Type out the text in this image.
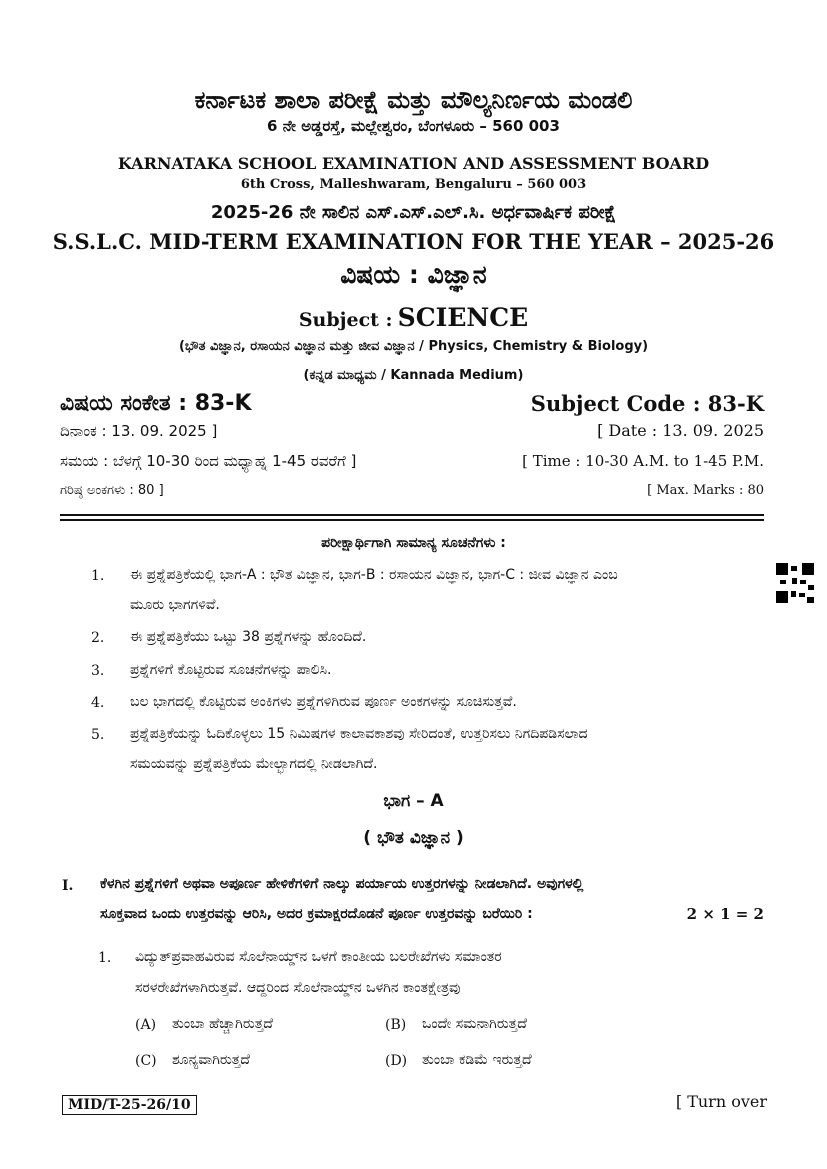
ಕರ್ನಾಟಕ ಶಾಲಾ ಪರೀಕ್ಷೆ ಮತ್ತು ಮೌಲ್ಯನಿರ್ಣಯ ಮಂಡಲಿ
6 ನೇ ಅಡ್ಡರಸ್ತೆ, ಮಲ್ಲೇಶ್ವರಂ, ಬೆಂಗಳೂರು – 560 003
KARNATAKA SCHOOL EXAMINATION AND ASSESSMENT BOARD
6th Cross, Malleshwaram, Bengaluru – 560 003
2025-26 ನೇ ಸಾಲಿನ ಎಸ್.ಎಸ್.ಎಲ್.ಸಿ. ಅರ್ಧವಾರ್ಷಿಕ ಪರೀಕ್ಷೆ
S.S.L.C. MID-TERM EXAMINATION FOR THE YEAR – 2025-26
ವಿಷಯ : ವಿಜ್ಞಾನ
Subject : SCIENCE
(ಭೌತ ವಿಜ್ಞಾನ, ರಸಾಯನ ವಿಜ್ಞಾನ ಮತ್ತು ಜೀವ ವಿಜ್ಞಾನ / Physics, Chemistry & Biology)
(ಕನ್ನಡ ಮಾಧ್ಯಮ / Kannada Medium)
ವಿಷಯ ಸಂಕೇತ : 83-K	Subject Code : 83-K
ದಿನಾಂಕ : 13. 09. 2025 ]	[ Date : 13. 09. 2025
ಸಮಯ : ಬೆಳಗ್ಗೆ 10-30 ರಿಂದ ಮಧ್ಯಾಹ್ನ 1-45 ರವರೆಗೆ ]	[ Time : 10-30 A.M. to 1-45 P.M.
ಗರಿಷ್ಠ ಅಂಕಗಳು : 80 ]	[ Max. Marks : 80
ಪರೀಕ್ಷಾರ್ಥಿಗಾಗಿ ಸಾಮಾನ್ಯ ಸೂಚನೆಗಳು :
1. ಈ ಪ್ರಶ್ನೆಪತ್ರಿಕೆಯಲ್ಲಿ ಭಾಗ-A : ಭೌತ ವಿಜ್ಞಾನ, ಭಾಗ-B : ರಸಾಯನ ವಿಜ್ಞಾನ, ಭಾಗ-C : ಜೀವ ವಿಜ್ಞಾನ ಎಂಬ
ಮೂರು ಭಾಗಗಳಿವೆ.
2. ಈ ಪ್ರಶ್ನೆಪತ್ರಿಕೆಯು ಒಟ್ಟು 38 ಪ್ರಶ್ನೆಗಳನ್ನು ಹೊಂದಿದೆ.
3. ಪ್ರಶ್ನೆಗಳಿಗೆ ಕೊಟ್ಟಿರುವ ಸೂಚನೆಗಳನ್ನು ಪಾಲಿಸಿ.
4. ಬಲ ಭಾಗದಲ್ಲಿ ಕೊಟ್ಟಿರುವ ಅಂಕಿಗಳು ಪ್ರಶ್ನೆಗಳಿಗಿರುವ ಪೂರ್ಣ ಅಂಕಗಳನ್ನು ಸೂಚಿಸುತ್ತವೆ.
5. ಪ್ರಶ್ನೆಪತ್ರಿಕೆಯನ್ನು ಓದಿಕೊಳ್ಳಲು 15 ನಿಮಿಷಗಳ ಕಾಲಾವಕಾಶವು ಸೇರಿದಂತೆ, ಉತ್ತರಿಸಲು ನಿಗದಿಪಡಿಸಲಾದ
ಸಮಯವನ್ನು ಪ್ರಶ್ನೆಪತ್ರಿಕೆಯ ಮೇಲ್ಭಾಗದಲ್ಲಿ ನೀಡಲಾಗಿದೆ.
ಭಾಗ – A
( ಭೌತ ವಿಜ್ಞಾನ )
I. ಕೆಳಗಿನ ಪ್ರಶ್ನೆಗಳಿಗೆ ಅಥವಾ ಅಪೂರ್ಣ ಹೇಳಿಕೆಗಳಿಗೆ ನಾಲ್ಕು ಪರ್ಯಾಯ ಉತ್ತರಗಳನ್ನು ನೀಡಲಾಗಿದೆ. ಅವುಗಳಲ್ಲಿ
ಸೂಕ್ತವಾದ ಒಂದು ಉತ್ತರವನ್ನು ಆರಿಸಿ, ಅದರ ಕ್ರಮಾಕ್ಷರದೊಡನೆ ಪೂರ್ಣ ಉತ್ತರವನ್ನು ಬರೆಯಿರಿ :	2 × 1 = 2
1. ವಿದ್ಯುತ್‌ಪ್ರವಾಹವಿರುವ ಸೊಲೆನಾಯ್ಡ್‌ನ ಒಳಗೆ ಕಾಂತೀಯ ಬಲರೇಖೆಗಳು ಸಮಾಂತರ
ಸರಳರೇಖೆಗಳಾಗಿರುತ್ತವೆ. ಆದ್ದರಿಂದ ಸೊಲೆನಾಯ್ಡ್‌ನ ಒಳಗಿನ ಕಾಂತಕ್ಷೇತ್ರವು
(A) ತುಂಬಾ ಹೆಚ್ಚಾಗಿರುತ್ತದೆ	(B) ಒಂದೇ ಸಮನಾಗಿರುತ್ತದೆ
(C) ಶೂನ್ಯವಾಗಿರುತ್ತದೆ	(D) ತುಂಬಾ ಕಡಿಮೆ ಇರುತ್ತದೆ
MID/T-25-26/10	[ Turn over
